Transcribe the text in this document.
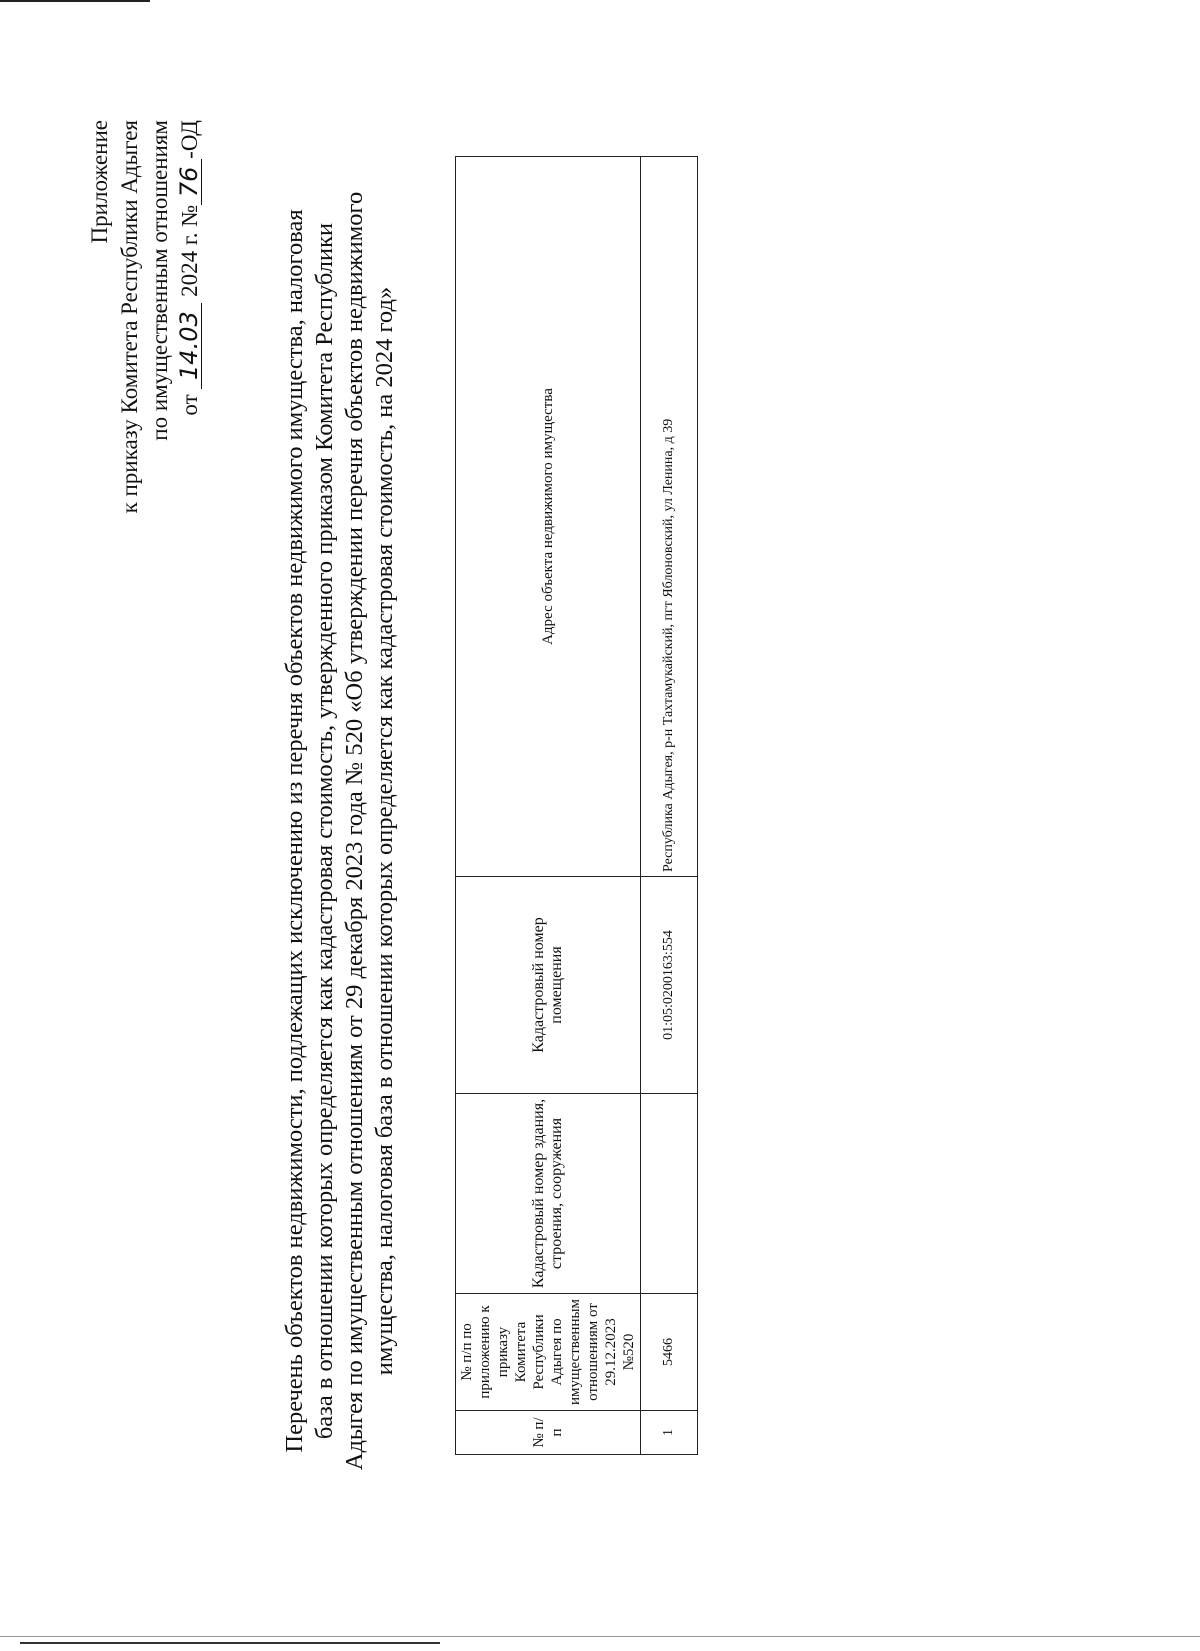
Приложение к приказу Комитета Республики Адыгея по имущественным отношениям от 14.03 2024 г. №76-ОД
Перечень объектов недвижимости, подлежащих исключению из перечня объектов недвижимого имущества, налоговая база в отношении которых определяется как кадастровая стоимость, утвержденного приказом Комитета Республики Адыгея по имущественным отношениям от 29 декабря 2023 года № 520 «Об утверждении перечня объектов недвижимого имущества, налоговая база в отношении которых определяется как кадастровая стоимость, на 2024 год»
№ п/п	№ п/п по приложению к приказу Комитета Республики Адыгея по имущественным отношениям от 29.12.2023 №520	Кадастровый номер здания, строения, сооружения	Кадастровый номер помещения	Адрес объекта недвижимого имущества
1	5466		01:05:0200163:554	Республика Адыгея, р-н Тахтамукайский, пгт Яблоновский, ул Ленина, д 39
